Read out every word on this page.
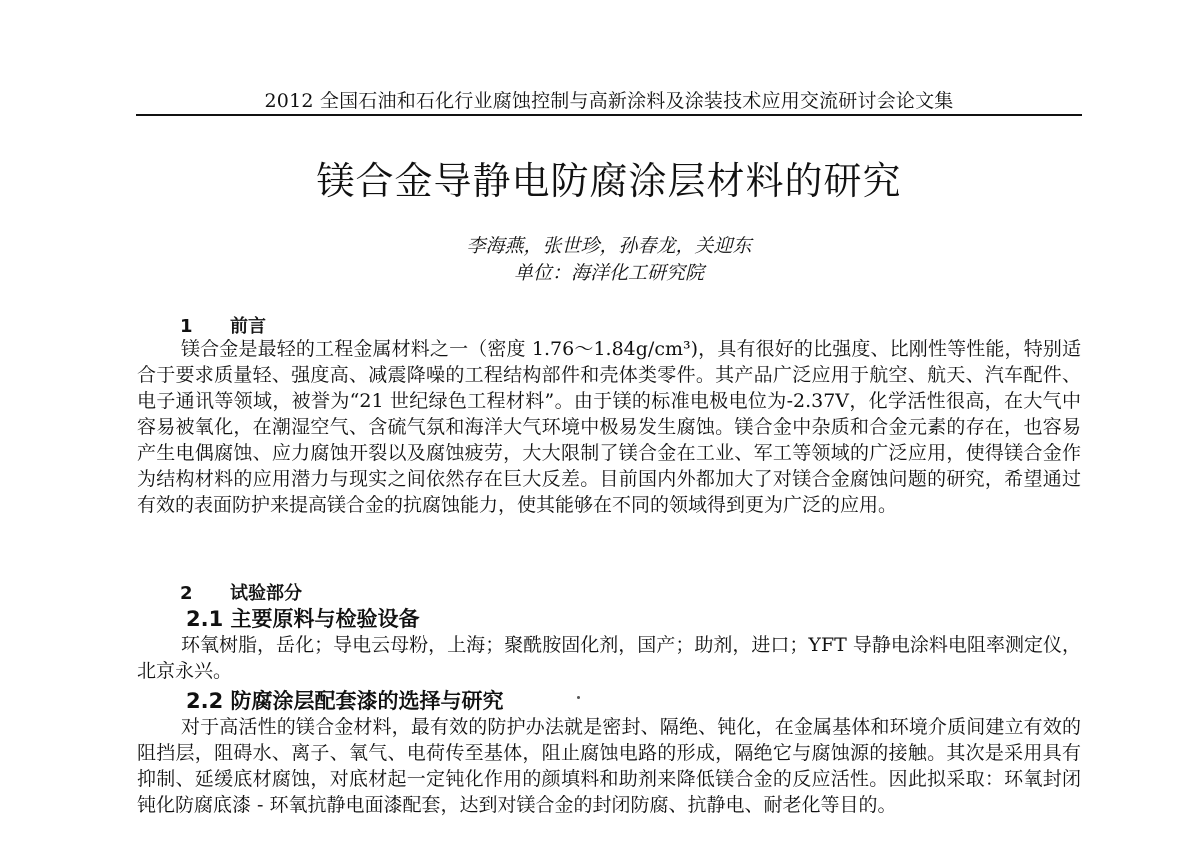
2012 全国石油和石化行业腐蚀控制与高新涂料及涂装技术应用交流研讨会论文集
镁合金导静电防腐涂层材料的研究
李海燕，张世珍，孙春龙，关迎东
单位：海洋化工研究院
1 前言

镁合金是最轻的工程金属材料之一（密度 1.76～1.84g/cm³)，具有很好的比强度、比刚性等性能，特别适合于要求质量轻、强度高、减震降噪的工程结构部件和壳体类零件。其产品广泛应用于航空、航天、汽车配件、电子通讯等领域，被誉为“21 世纪绿色工程材料”。由于镁的标准电极电位为-2.37V，化学活性很高，在大气中容易被氧化，在潮湿空气、含硫气氛和海洋大气环境中极易发生腐蚀。镁合金中杂质和合金元素的存在，也容易产生电偶腐蚀、应力腐蚀开裂以及腐蚀疲劳，大大限制了镁合金在工业、军工等领域的广泛应用，使得镁合金作为结构材料的应用潜力与现实之间依然存在巨大反差。目前国内外都加大了对镁合金腐蚀问题的研究，希望通过有效的表面防护来提高镁合金的抗腐蚀能力，使其能够在不同的领域得到更为广泛的应用。

2 试验部分
2.1 主要原料与检验设备

环氧树脂，岳化；导电云母粉，上海；聚酰胺固化剂，国产；助剂，进口；YFT 导静电涂料电阻率测定仪，北京永兴。

2.2 防腐涂层配套漆的选择与研究

对于高活性的镁合金材料，最有效的防护办法就是密封、隔绝、钝化，在金属基体和环境介质间建立有效的阻挡层，阻碍水、离子、氧气、电荷传至基体，阻止腐蚀电路的形成，隔绝它与腐蚀源的接触。其次是采用具有抑制、延缓底材腐蚀，对底材起一定钝化作用的颜填料和助剂来降低镁合金的反应活性。因此拟采取：环氧封闭钝化防腐底漆 - 环氧抗静电面漆配套，达到对镁合金的封闭防腐、抗静电、耐老化等目的。
